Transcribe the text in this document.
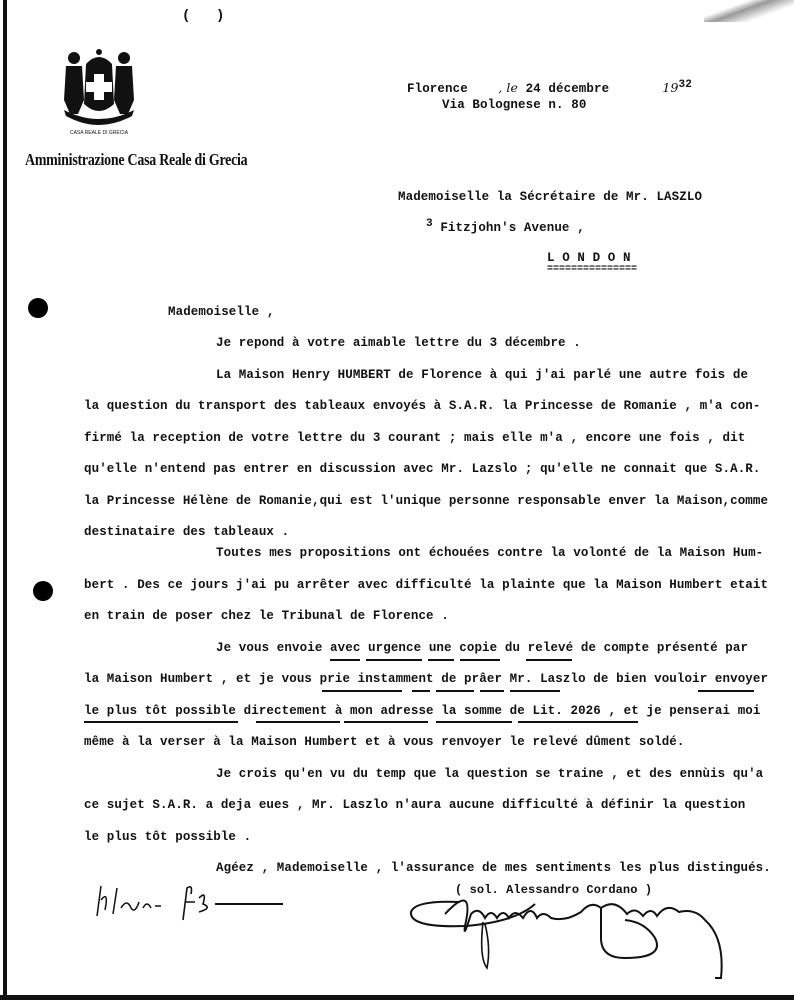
( )
CASA REALE DI GRECIA
Amministrazione Casa Reale di Grecia
Florence , le 24 décembre	1932
Via Bolognese n. 80
Mademoiselle la Sécrétaire de Mr. LASZLO
3 Fitzjohn's Avenue ,
L O N D O N
===============
Mademoiselle ,
Je repond à votre aimable lettre du 3 décembre .
La Maison Henry HUMBERT de Florence à qui j'ai parlé une autre fois de
la question du transport des tableaux envoyés à S.A.R. la Princesse de Romanie , m'a con-
firmé la reception de votre lettre du 3 courant ; mais elle m'a , encore une fois , dit
qu'elle n'entend pas entrer en discussion avec Mr. Lazslo ; qu'elle ne connait que S.A.R.
la Princesse Hélène de Romanie,qui est l'unique personne responsable enver la Maison,comme
destinataire des tableaux .
Toutes mes propositions ont échouées contre la volonté de la Maison Hum-
bert . Des ce jours j'ai pu arrêter avec difficulté la plainte que la Maison Humbert etait
en train de poser chez le Tribunal de Florence .
Je vous envoie avec urgence une copie du relevé de compte présenté par
la Maison Humbert , et je vous prie instamment de prâer Mr. Laszlo de bien vouloir envoyer
le plus tôt possible directement à mon adresse la somme de Lit. 2026 , et je penserai moi
même à la verser à la Maison Humbert et à vous renvoyer le relevé dûment soldé.
Je crois qu'en vu du temp que la question se traine , et des ennùis qu'a
ce sujet S.A.R. a deja eues , Mr. Laszlo n'aura aucune difficulté à définir la question
le plus tôt possible .
Agéez , Mademoiselle , l'assurance de mes sentiments les plus distingués.
Affricot f32
( sol. Alessandro Cordano )
Alessandro Cordano
